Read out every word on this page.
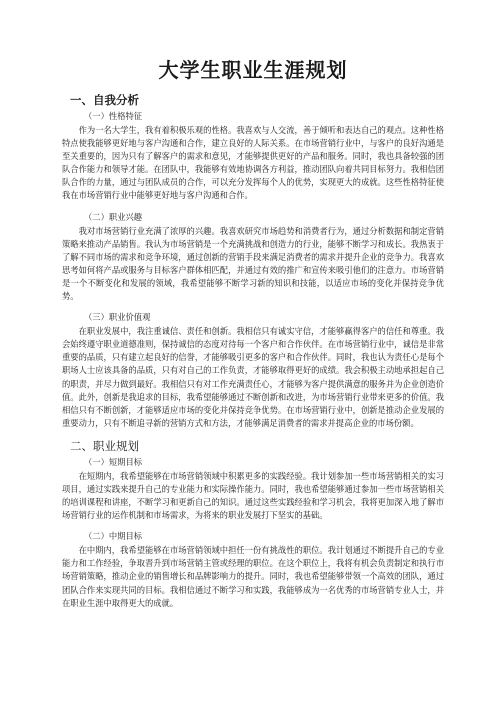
大学生职业生涯规划
一、自我分析
（一）性格特征
作为一名大学生，我有着积极乐观的性格。我喜欢与人交流，善于倾听和表达自己的观点。这种性格特点使我能够更好地与客户沟通和合作，建立良好的人际关系。在市场营销行业中，与客户的良好沟通是至关重要的，因为只有了解客户的需求和意见，才能够提供更好的产品和服务。同时，我也具备较强的团队合作能力和领导才能。在团队中，我能够有效地协调各方利益，推动团队向着共同目标努力。我相信团队合作的力量，通过与团队成员的合作，可以充分发挥每个人的优势，实现更大的成就。这些性格特征使我在市场营销行业中能够更好地与客户沟通和合作。
（二）职业兴趣
我对市场营销行业充满了浓厚的兴趣。我喜欢研究市场趋势和消费者行为，通过分析数据和制定营销策略来推动产品销售。我认为市场营销是一个充满挑战和创造力的行业，能够不断学习和成长。我热衷于了解不同市场的需求和竞争环境，通过创新的营销手段来满足消费者的需求并提升企业的竞争力。我喜欢思考如何将产品或服务与目标客户群体相匹配，并通过有效的推广和宣传来吸引他们的注意力。市场营销是一个不断变化和发展的领域，我希望能够不断学习新的知识和技能，以适应市场的变化并保持竞争优势。
（三）职业价值观
在职业发展中，我注重诚信、责任和创新。我相信只有诚实守信，才能够赢得客户的信任和尊重。我会始终遵守职业道德准则，保持诚信的态度对待每一个客户和合作伙伴。在市场营销行业中，诚信是非常重要的品质，只有建立起良好的信誉，才能够吸引更多的客户和合作伙伴。同时，我也认为责任心是每个职场人士应该具备的品质，只有对自己的工作负责，才能够取得更好的成绩。我会积极主动地承担起自己的职责，并尽力做到最好。我相信只有对工作充满责任心，才能够为客户提供满意的服务并为企业创造价值。此外，创新是我追求的目标，我希望能够通过不断创新和改进，为市场营销行业带来更多的价值。我相信只有不断创新，才能够适应市场的变化并保持竞争优势。在市场营销行业中，创新是推动企业发展的重要动力，只有不断追寻新的营销方式和方法，才能够满足消费者的需求并提高企业的市场份额。
二、职业规划
（一）短期目标
在短期内，我希望能够在市场营销领域中积累更多的实践经验。我计划参加一些市场营销相关的实习项目，通过实践来提升自己的专业能力和实际操作能力。同时，我也希望能够通过参加一些市场营销相关的培训课程和讲座，不断学习和更新自己的知识。通过这些实践经验和学习机会，我将更加深入地了解市场营销行业的运作机制和市场需求，为将来的职业发展打下坚实的基础。
（二）中期目标
在中期内，我希望能够在市场营销领域中担任一份有挑战性的职位。我计划通过不断提升自己的专业能力和工作经验，争取晋升到市场营销主管或经理的职位。在这个职位上，我将有机会负责制定和执行市场营销策略，推动企业的销售增长和品牌影响力的提升。同时，我也希望能够带领一个高效的团队，通过团队合作来实现共同的目标。我相信通过不断学习和实践，我能够成为一名优秀的市场营销专业人士，并在职业生涯中取得更大的成就。
